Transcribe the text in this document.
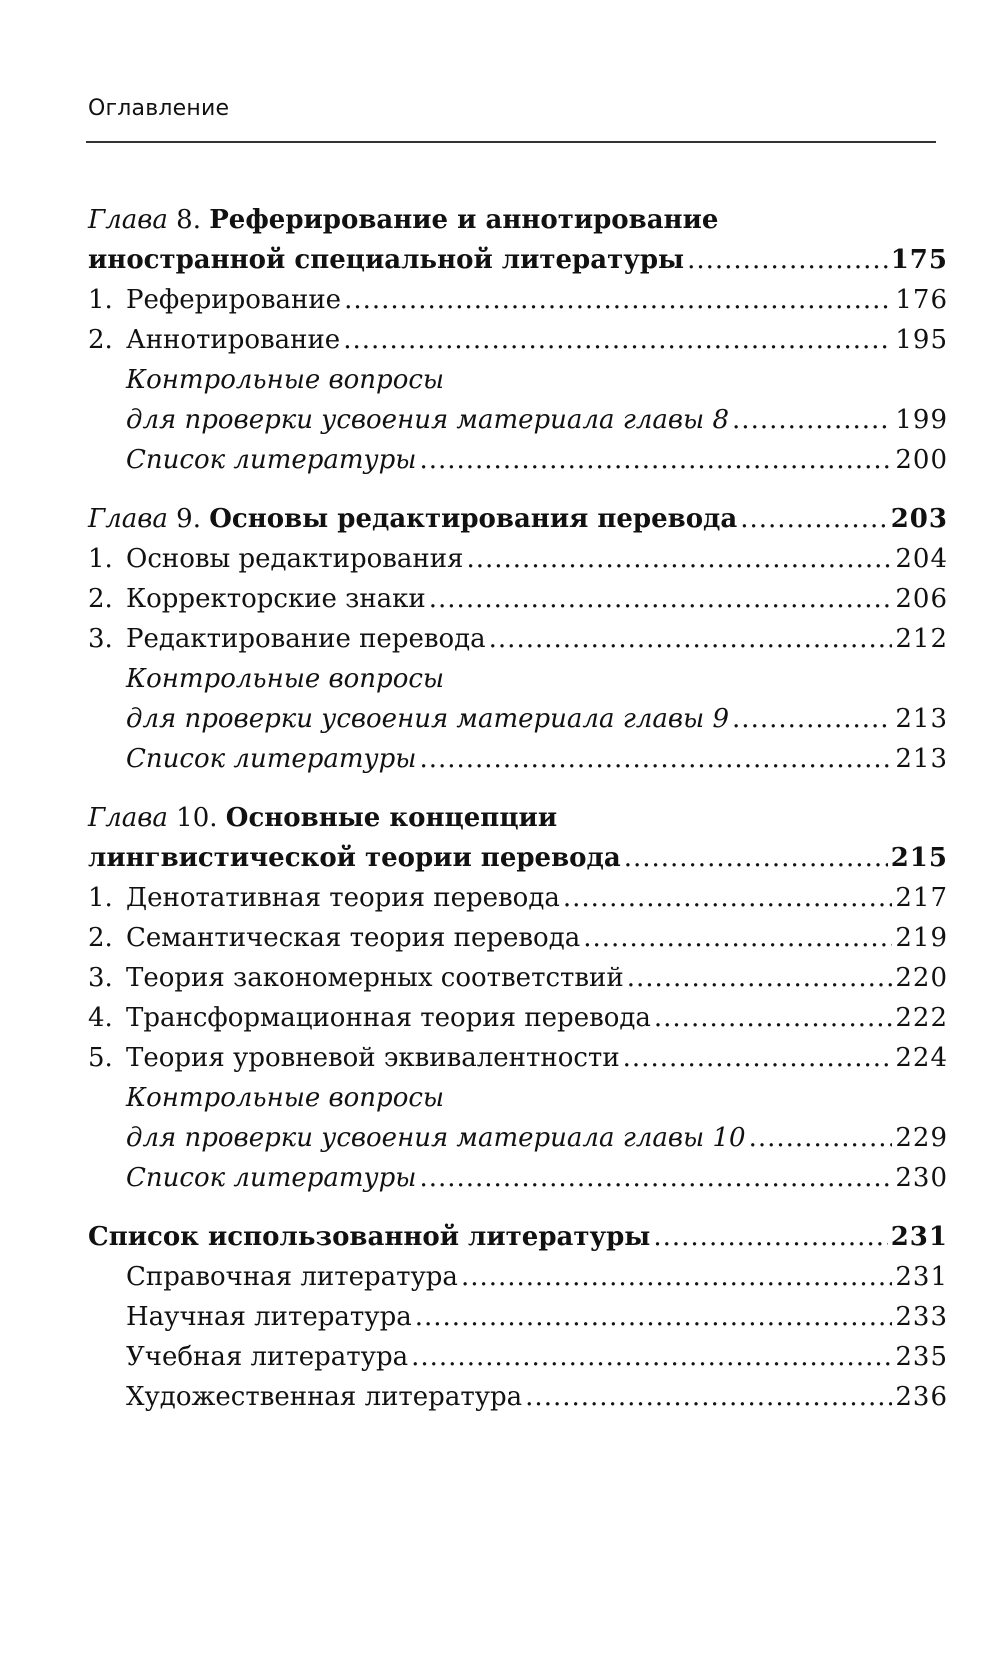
Оглавление
Глава 8. Реферирование и аннотирование
иностранной специальной литературы .....	175
1. Реферирование .....	176
2. Аннотирование .....	195
Контрольные вопросы
для проверки усвоения материала главы 8 .....	199
Список литературы .....	200
Глава 9. Основы редактирования перевода .....	203
1. Основы редактирования .....	204
2. Корректорские знаки .....	206
3. Редактирование перевода .....	212
Контрольные вопросы
для проверки усвоения материала главы 9 .....	213
Список литературы .....	213
Глава 10. Основные концепции
лингвистической теории перевода .....	215
1. Денотативная теория перевода .....	217
2. Семантическая теория перевода .....	219
3. Теория закономерных соответствий .....	220
4. Трансформационная теория перевода .....	222
5. Теория уровневой эквивалентности .....	224
Контрольные вопросы
для проверки усвоения материала главы 10 .....	229
Список литературы .....	230
Список использованной литературы .....	231
Справочная литература .....	231
Научная литература .....	233
Учебная литература .....	235
Художественная литература .....	236
